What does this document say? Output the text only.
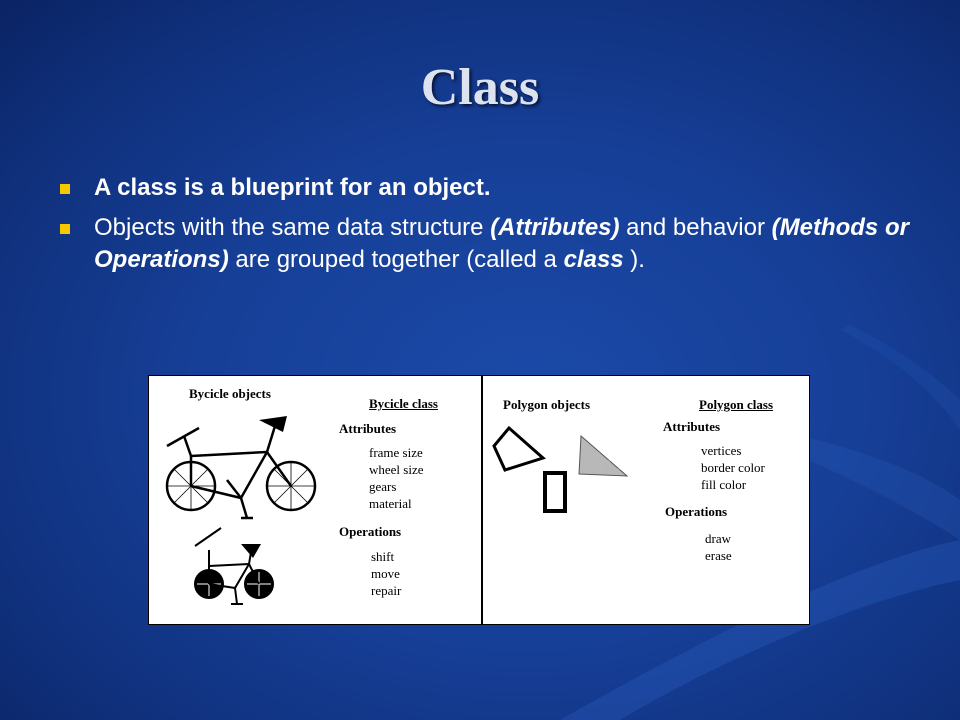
Class
A class is a blueprint for an object.
Objects with the same data structure (Attributes) and behavior (Methods or Operations) are grouped together (called a class ).
Bycicle objects
Bycicle class
Attributes
frame size
wheel size
gears
material
Operations
shift
move
repair
Polygon objects	Polygon class
Attributes
vertices
border color
fill color
Operations
draw
erase
